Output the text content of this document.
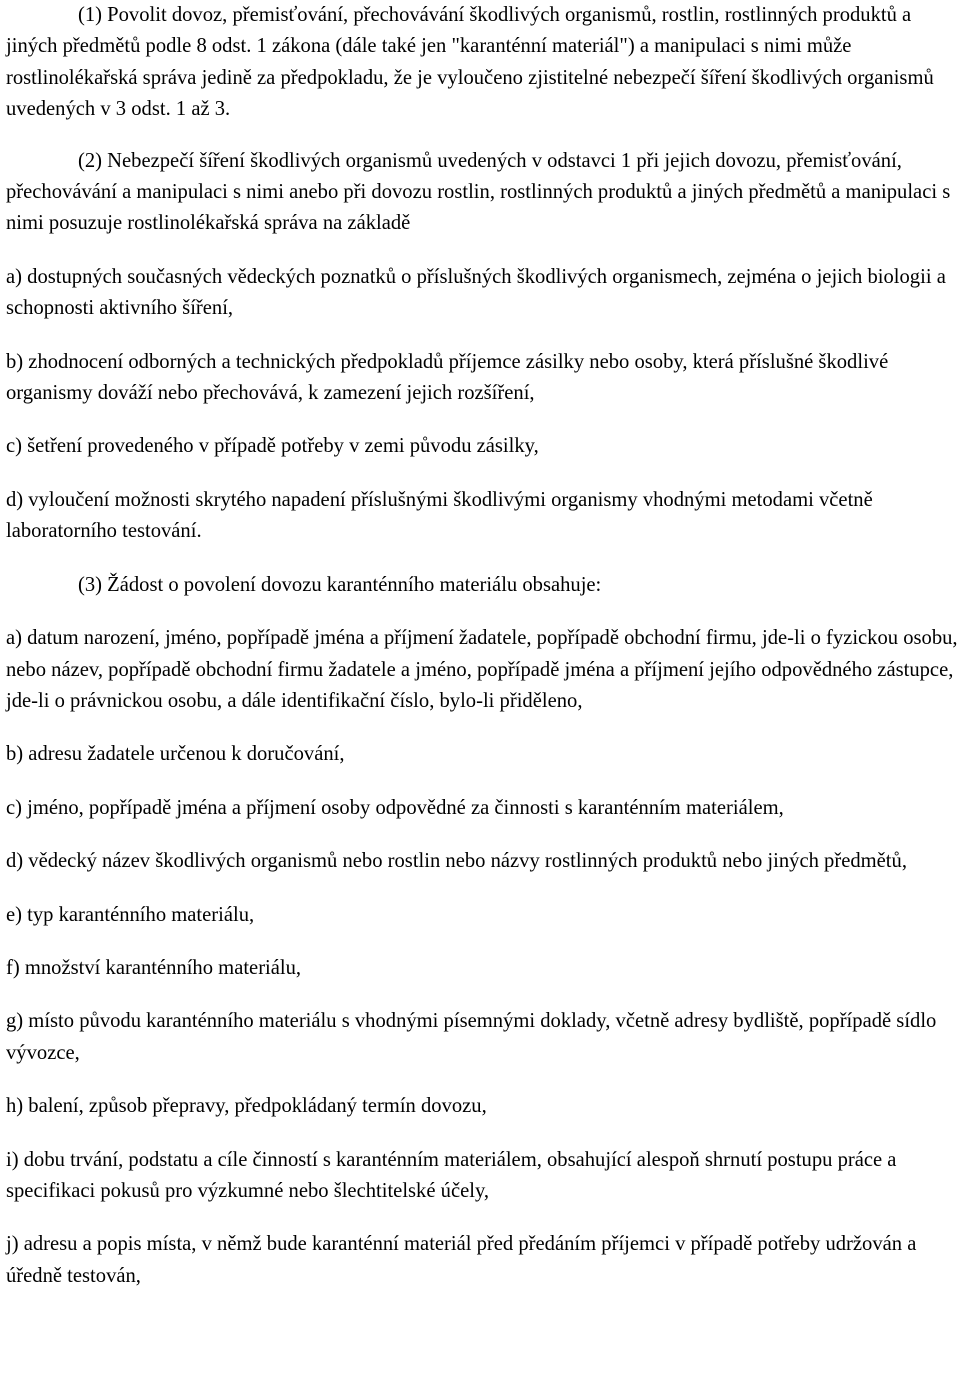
(1) Povolit dovoz, přemisťování, přechovávání škodlivých organismů, rostlin, rostlinných produktů a jiných předmětů podle 8 odst. 1 zákona (dále také jen "karanténní materiál") a manipulaci s nimi může rostlinolékařská správa jedině za předpokladu, že je vyloučeno zjistitelné nebezpečí šíření škodlivých organismů uvedených v 3 odst. 1 až 3.

(2) Nebezpečí šíření škodlivých organismů uvedených v odstavci 1 při jejich dovozu, přemisťování, přechovávání a manipulaci s nimi anebo při dovozu rostlin, rostlinných produktů a jiných předmětů a manipulaci s nimi posuzuje rostlinolékařská správa na základě

a) dostupných současných vědeckých poznatků o příslušných škodlivých organismech, zejména o jejich biologii a schopnosti aktivního šíření,

b) zhodnocení odborných a technických předpokladů příjemce zásilky nebo osoby, která příslušné škodlivé organismy dováží nebo přechovává, k zamezení jejich rozšíření,

c) šetření provedeného v případě potřeby v zemi původu zásilky,

d) vyloučení možnosti skrytého napadení příslušnými škodlivými organismy vhodnými metodami včetně laboratorního testování.

(3) Žádost o povolení dovozu karanténního materiálu obsahuje:

a) datum narození, jméno, popřípadě jména a příjmení žadatele, popřípadě obchodní firmu, jde-li o fyzickou osobu, nebo název, popřípadě obchodní firmu žadatele a jméno, popřípadě jména a příjmení jejího odpovědného zástupce, jde-li o právnickou osobu, a dále identifikační číslo, bylo-li přiděleno,

b) adresu žadatele určenou k doručování,

c) jméno, popřípadě jména a příjmení osoby odpovědné za činnosti s karanténním materiálem,

d) vědecký název škodlivých organismů nebo rostlin nebo názvy rostlinných produktů nebo jiných předmětů,

e) typ karanténního materiálu,

f) množství karanténního materiálu,

g) místo původu karanténního materiálu s vhodnými písemnými doklady, včetně adresy bydliště, popřípadě sídlo vývozce,

h) balení, způsob přepravy, předpokládaný termín dovozu,

i) dobu trvání, podstatu a cíle činností s karanténním materiálem, obsahující alespoň shrnutí postupu práce a specifikaci pokusů pro výzkumné nebo šlechtitelské účely,

j) adresu a popis místa, v němž bude karanténní materiál před předáním příjemci v případě potřeby udržován a úředně testován,
